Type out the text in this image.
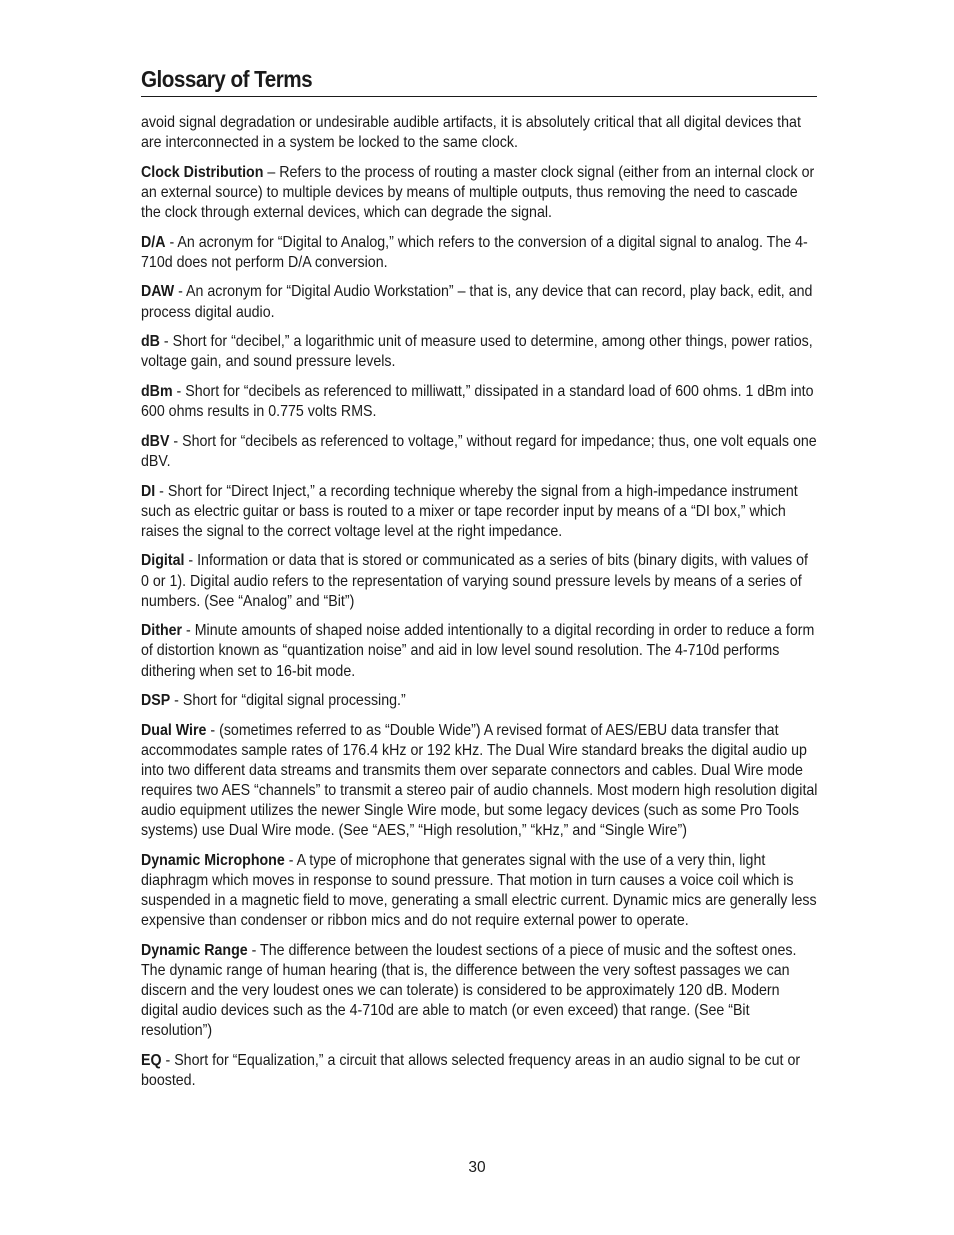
Glossary of Terms

avoid signal degradation or undesirable audible artifacts, it is absolutely critical that all digital devices that are interconnected in a system be locked to the same clock.

Clock Distribution – Refers to the process of routing a master clock signal (either from an internal clock or an external source) to multiple devices by means of multiple outputs, thus removing the need to cascade the clock through external devices, which can degrade the signal.

D/A - An acronym for “Digital to Analog,” which refers to the conversion of a digital signal to analog. The 4-710d does not perform D/A conversion.

DAW - An acronym for “Digital Audio Workstation” – that is, any device that can record, play back, edit, and process digital audio.

dB - Short for “decibel,” a logarithmic unit of measure used to determine, among other things, power ratios, voltage gain, and sound pressure levels.

dBm - Short for “decibels as referenced to milliwatt,” dissipated in a standard load of 600 ohms. 1 dBm into 600 ohms results in 0.775 volts RMS.

dBV - Short for “decibels as referenced to voltage,” without regard for impedance; thus, one volt equals one dBV.

DI - Short for “Direct Inject,” a recording technique whereby the signal from a high-impedance instrument such as electric guitar or bass is routed to a mixer or tape recorder input by means of a “DI box,” which raises the signal to the correct voltage level at the right impedance.

Digital - Information or data that is stored or communicated as a series of bits (binary digits, with values of 0 or 1). Digital audio refers to the representation of varying sound pressure levels by means of a series of numbers. (See “Analog” and “Bit”)

Dither - Minute amounts of shaped noise added intentionally to a digital recording in order to reduce a form of distortion known as “quantization noise” and aid in low level sound resolution. The 4-710d performs dithering when set to 16-bit mode.

DSP - Short for “digital signal processing.”

Dual Wire - (sometimes referred to as “Double Wide”) A revised format of AES/EBU data transfer that accommodates sample rates of 176.4 kHz or 192 kHz. The Dual Wire standard breaks the digital audio up into two different data streams and transmits them over separate connectors and cables. Dual Wire mode requires two AES “channels” to transmit a stereo pair of audio channels. Most modern high resolution digital audio equipment utilizes the newer Single Wire mode, but some legacy devices (such as some Pro Tools systems) use Dual Wire mode. (See “AES,” “High resolution,” “kHz,” and “Single Wire”)

Dynamic Microphone - A type of microphone that generates signal with the use of a very thin, light diaphragm which moves in response to sound pressure. That motion in turn causes a voice coil which is suspended in a magnetic field to move, generating a small electric current. Dynamic mics are generally less expensive than condenser or ribbon mics and do not require external power to operate.

Dynamic Range - The difference between the loudest sections of a piece of music and the softest ones. The dynamic range of human hearing (that is, the difference between the very softest passages we can discern and the very loudest ones we can tolerate) is considered to be approximately 120 dB. Modern digital audio devices such as the 4-710d are able to match (or even exceed) that range. (See “Bit resolution”)

EQ - Short for “Equalization,” a circuit that allows selected frequency areas in an audio signal to be cut or boosted.

30
